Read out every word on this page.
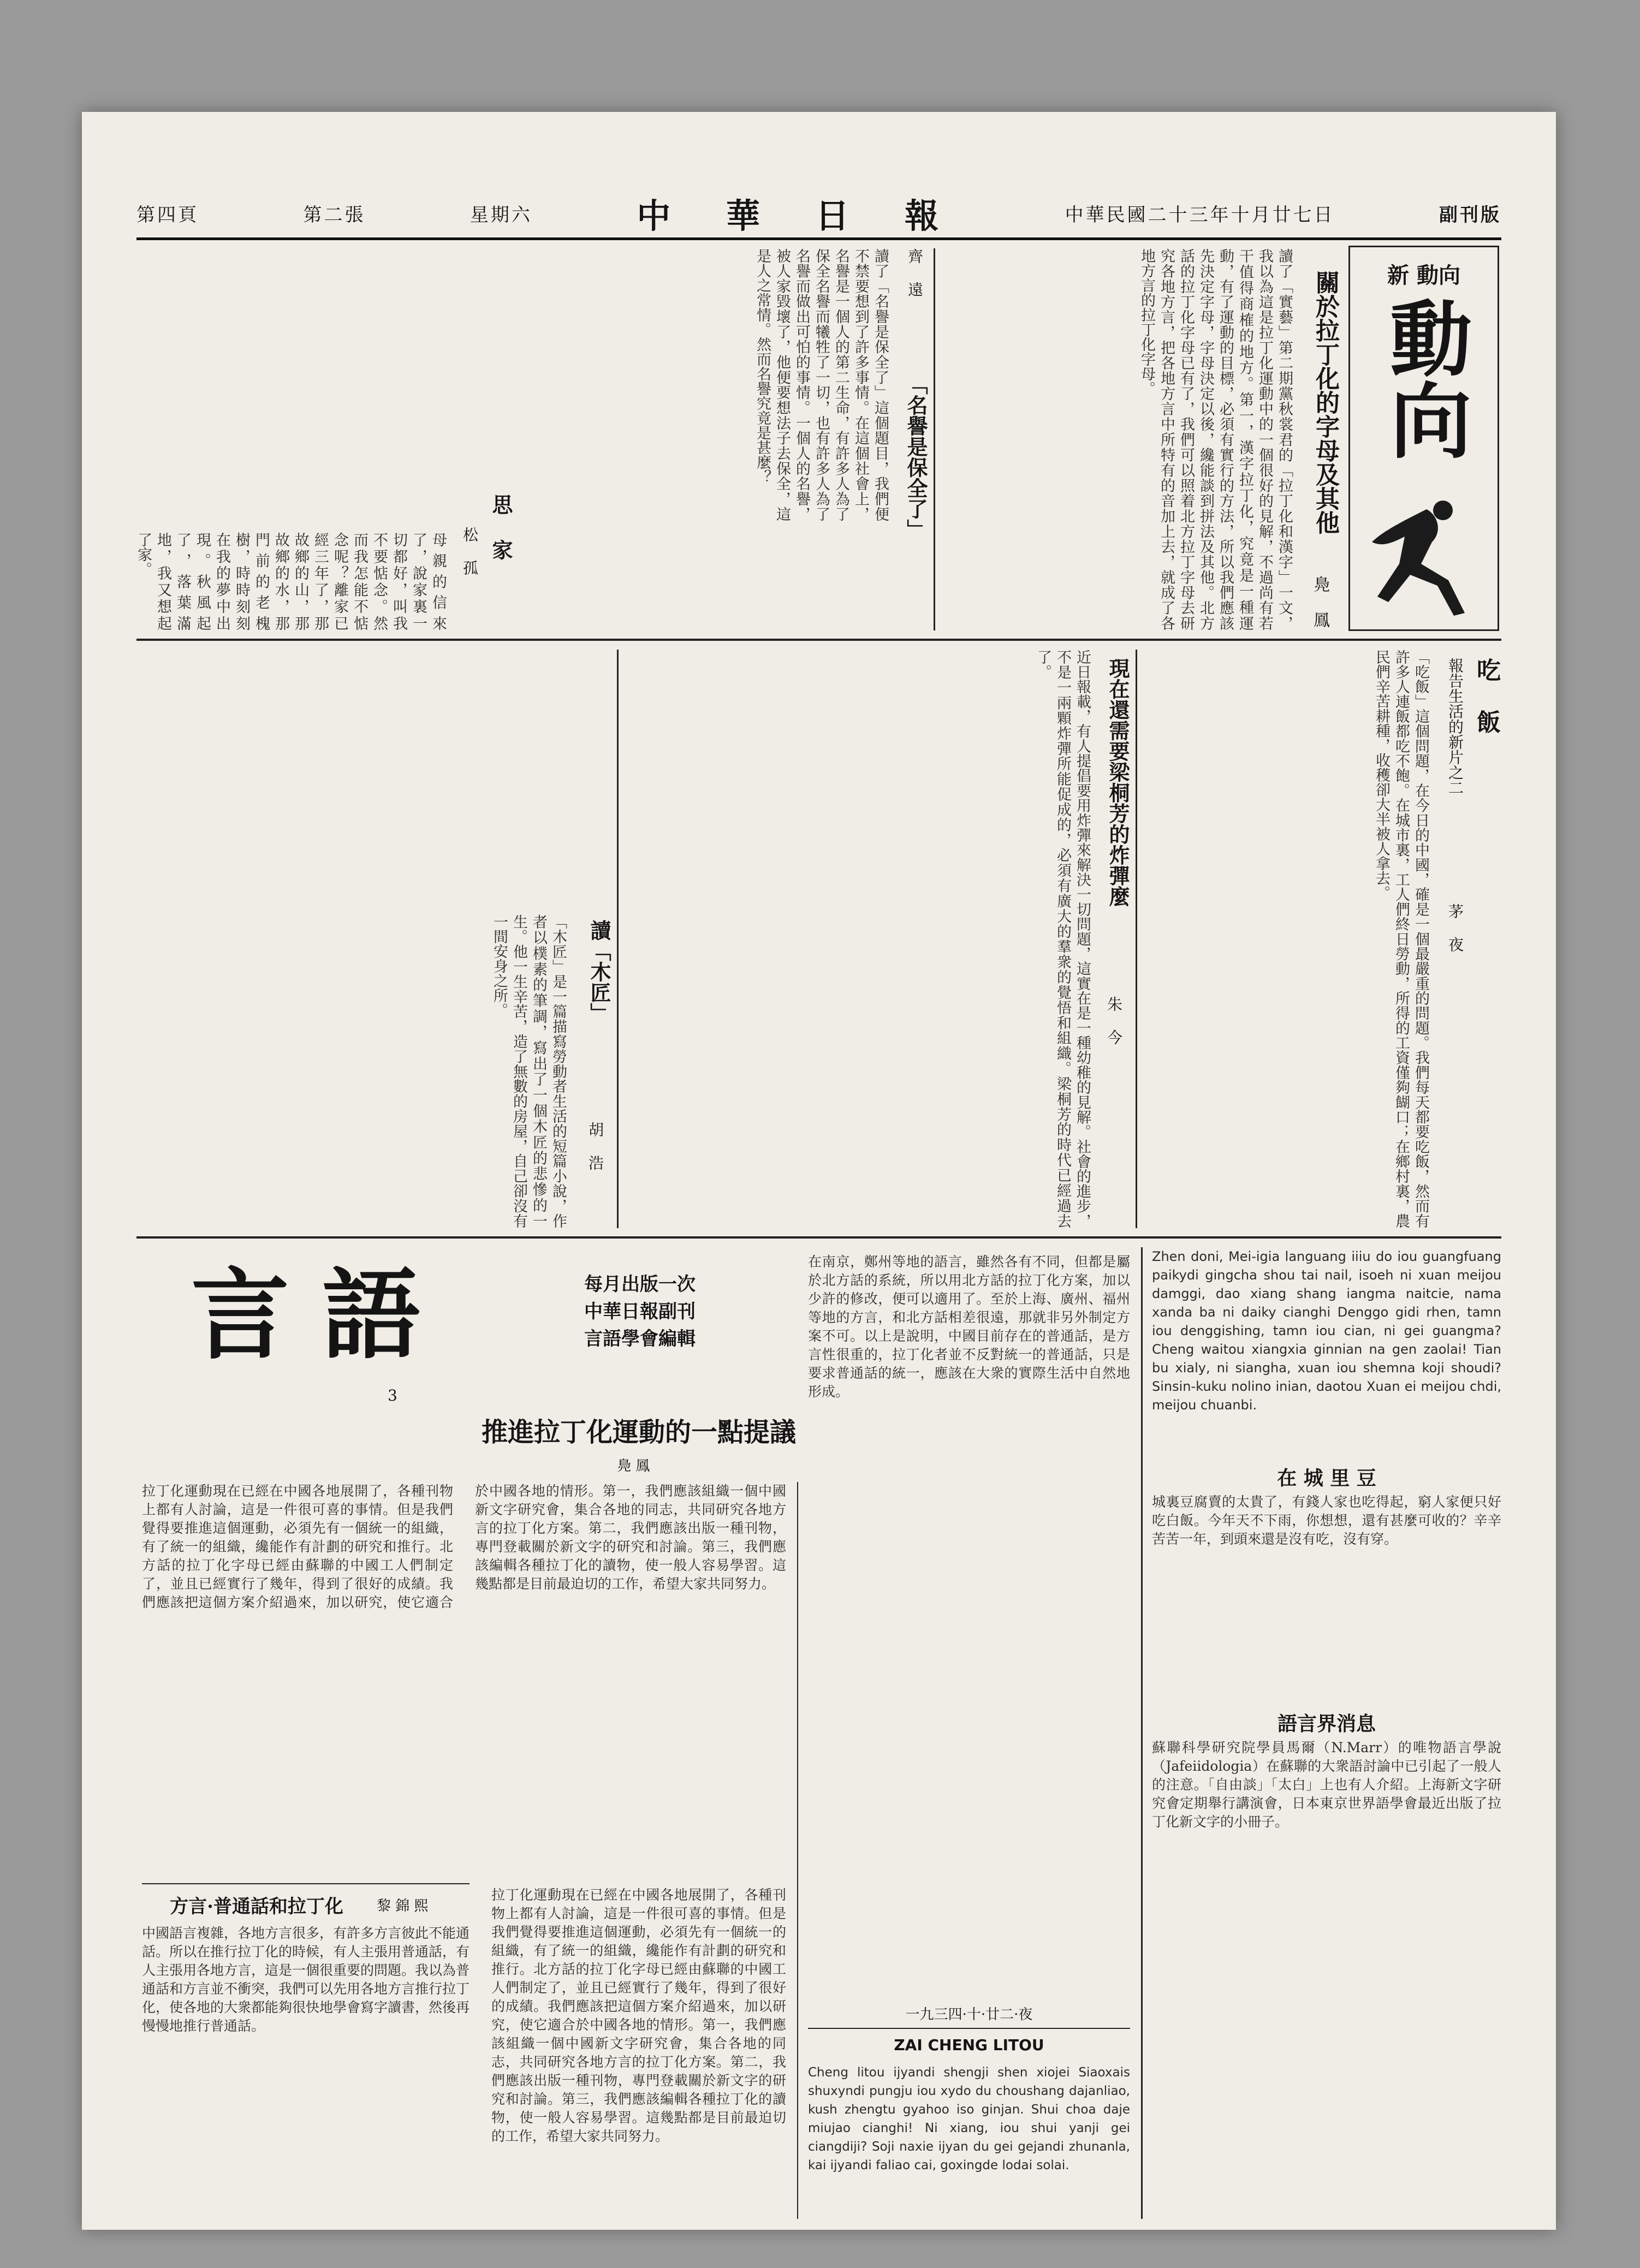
副刊版
中華民國二十三年十月廿七日
中 華 日 報
星期六
第二張
第四頁
新 動向
動向
關於拉丁化的字母及其他
鳧 鳳
讀了「實藝」第二期黨秋裳君的「拉丁化和漢字」一文，我以為這是拉丁化運動中的一個很好的見解，不過尚有若干值得商榷的地方。第一，漢字拉丁化，究竟是一種運動，有了運動的目標，必須有實行的方法，所以我們應該先決定字母，字母決定以後，纔能談到拼法及其他。北方話的拉丁化字母已有了，我們可以照着北方拉丁字母去研究各地方言，把各地方言中所特有的音加上去，就成了各地方言的拉丁化字母。
「名譽是保全了」
齊 遠
讀了「名譽是保全了」這個題目，我們便不禁要想到了許多事情。在這個社會上，名譽是一個人的第二生命，有許多人為了保全名譽而犧牲了一切，也有許多人為了名譽而做出可怕的事情。一個人的名譽，被人家毀壞了，他便要想法子去保全，這是人之常情。然而名譽究竟是甚麼？
思 家
松 孤
母親的信來了，說家裏一切都好，叫我不要惦念。然而我怎能不惦念呢？離家已經三年了，那故鄉的山，那故鄉的水，那門前的老槐樹，時時刻刻在我的夢中出現。秋風起了，落葉滿地，我又想起了家。
吃 飯
報告生活的新片之二
茅 夜
「吃飯」這個問題，在今日的中國，確是一個最嚴重的問題。我們每天都要吃飯，然而有許多人連飯都吃不飽。在城市裏，工人們終日勞動，所得的工資僅夠餬口；在鄉村裏，農民們辛苦耕種，收穫卻大半被人拿去。
現在還需要梁桐芳的炸彈麼
朱 今
近日報載，有人提倡要用炸彈來解決一切問題，這實在是一種幼稚的見解。社會的進步，不是一兩顆炸彈所能促成的，必須有廣大的羣衆的覺悟和組織。梁桐芳的時代已經過去了。
讀「木匠」
胡 浩
「木匠」是一篇描寫勞動者生活的短篇小說，作者以樸素的筆調，寫出了一個木匠的悲慘的一生。他一生辛苦，造了無數的房屋，自己卻沒有一間安身之所。
Zhen doni, Mei-igia languang iiiu do iou guangfuang paikydi gingcha shou tai nail, isoeh ni xuan meijou damggi, dao xiang shang iangma naitcie, nama xanda ba ni daiky cianghi Denggo gidi rhen, tamn iou denggishing, tamn iou cian, ni gei guangma? Cheng waitou xiangxia ginnian na gen zaolai! Tian bu xialy, ni siangha, xuan iou shemna koji shoudi? Sinsin-kuku nolino inian, daotou Xuan ei meijou chdi, meijou chuanbi.
在 城 里 豆
城裏豆腐賣的太貴了，有錢人家也吃得起，窮人家便只好吃白飯。今年天不下雨，你想想，還有甚麼可收的？辛辛苦苦一年，到頭來還是沒有吃，沒有穿。
語言界消息
蘇聯科學研究院學員馬爾（N.Marr）的唯物語言學說（Jafeiidologia）在蘇聯的大衆語討論中已引起了一般人的注意。「自由談」「太白」上也有人介紹。上海新文字研究會定期舉行講演會，日本東京世界語學會最近出版了拉丁化新文字的小冊子。
言語	每月出版一次
中華日報副刊
言語學會編輯
3
推進拉丁化運動的一點提議
鳧 鳳
拉丁化運動現在已經在中國各地展開了，各種刊物上都有人討論，這是一件很可喜的事情。但是我們覺得要推進這個運動，必須先有一個統一的組織，有了統一的組織，纔能作有計劃的研究和推行。北方話的拉丁化字母已經由蘇聯的中國工人們制定了，並且已經實行了幾年，得到了很好的成績。我們應該把這個方案介紹過來，加以研究，使它適合於中國各地的情形。第一，我們應該組織一個中國新文字研究會，集合各地的同志，共同研究各地方言的拉丁化方案。第二，我們應該出版一種刊物，專門登載關於新文字的研究和討論。第三，我們應該編輯各種拉丁化的讀物，使一般人容易學習。這幾點都是目前最迫切的工作，希望大家共同努力。
方言·普通話和拉丁化	黎 錦 熙
中國語言複雜，各地方言很多，有許多方言彼此不能通話。所以在推行拉丁化的時候，有人主張用普通話，有人主張用各地方言，這是一個很重要的問題。我以為普通話和方言並不衝突，我們可以先用各地方言推行拉丁化，使各地的大衆都能夠很快地學會寫字讀書，然後再慢慢地推行普通話。
拉丁化運動現在已經在中國各地展開了，各種刊物上都有人討論，這是一件很可喜的事情。但是我們覺得要推進這個運動，必須先有一個統一的組織，有了統一的組織，纔能作有計劃的研究和推行。北方話的拉丁化字母已經由蘇聯的中國工人們制定了，並且已經實行了幾年，得到了很好的成績。我們應該把這個方案介紹過來，加以研究，使它適合於中國各地的情形。第一，我們應該組織一個中國新文字研究會，集合各地的同志，共同研究各地方言的拉丁化方案。第二，我們應該出版一種刊物，專門登載關於新文字的研究和討論。第三，我們應該編輯各種拉丁化的讀物，使一般人容易學習。這幾點都是目前最迫切的工作，希望大家共同努力。
在南京，鄭州等地的語言，雖然各有不同，但都是屬於北方話的系統，所以用北方話的拉丁化方案，加以少許的修改，便可以適用了。至於上海、廣州、福州等地的方言，和北方話相差很遠，那就非另外制定方案不可。以上是說明，中國目前存在的普通話，是方言性很重的，拉丁化者並不反對統一的普通話，只是要求普通話的統一，應該在大衆的實際生活中自然地形成。
一九三四·十·廿二·夜
ZAI CHENG LITOU
Cheng litou ijyandi shengji shen xiojei Siaoxais shuxyndi pungju iou xydo du choushang dajanliao, kush zhengtu gyahoo iso ginjan. Shui choa daje miujao cianghi! Ni xiang, iou shui yanji gei ciangdiji? Soji naxie ijyan du gei gejandi zhunanla, kai ijyandi faliao cai, goxingde lodai solai.
